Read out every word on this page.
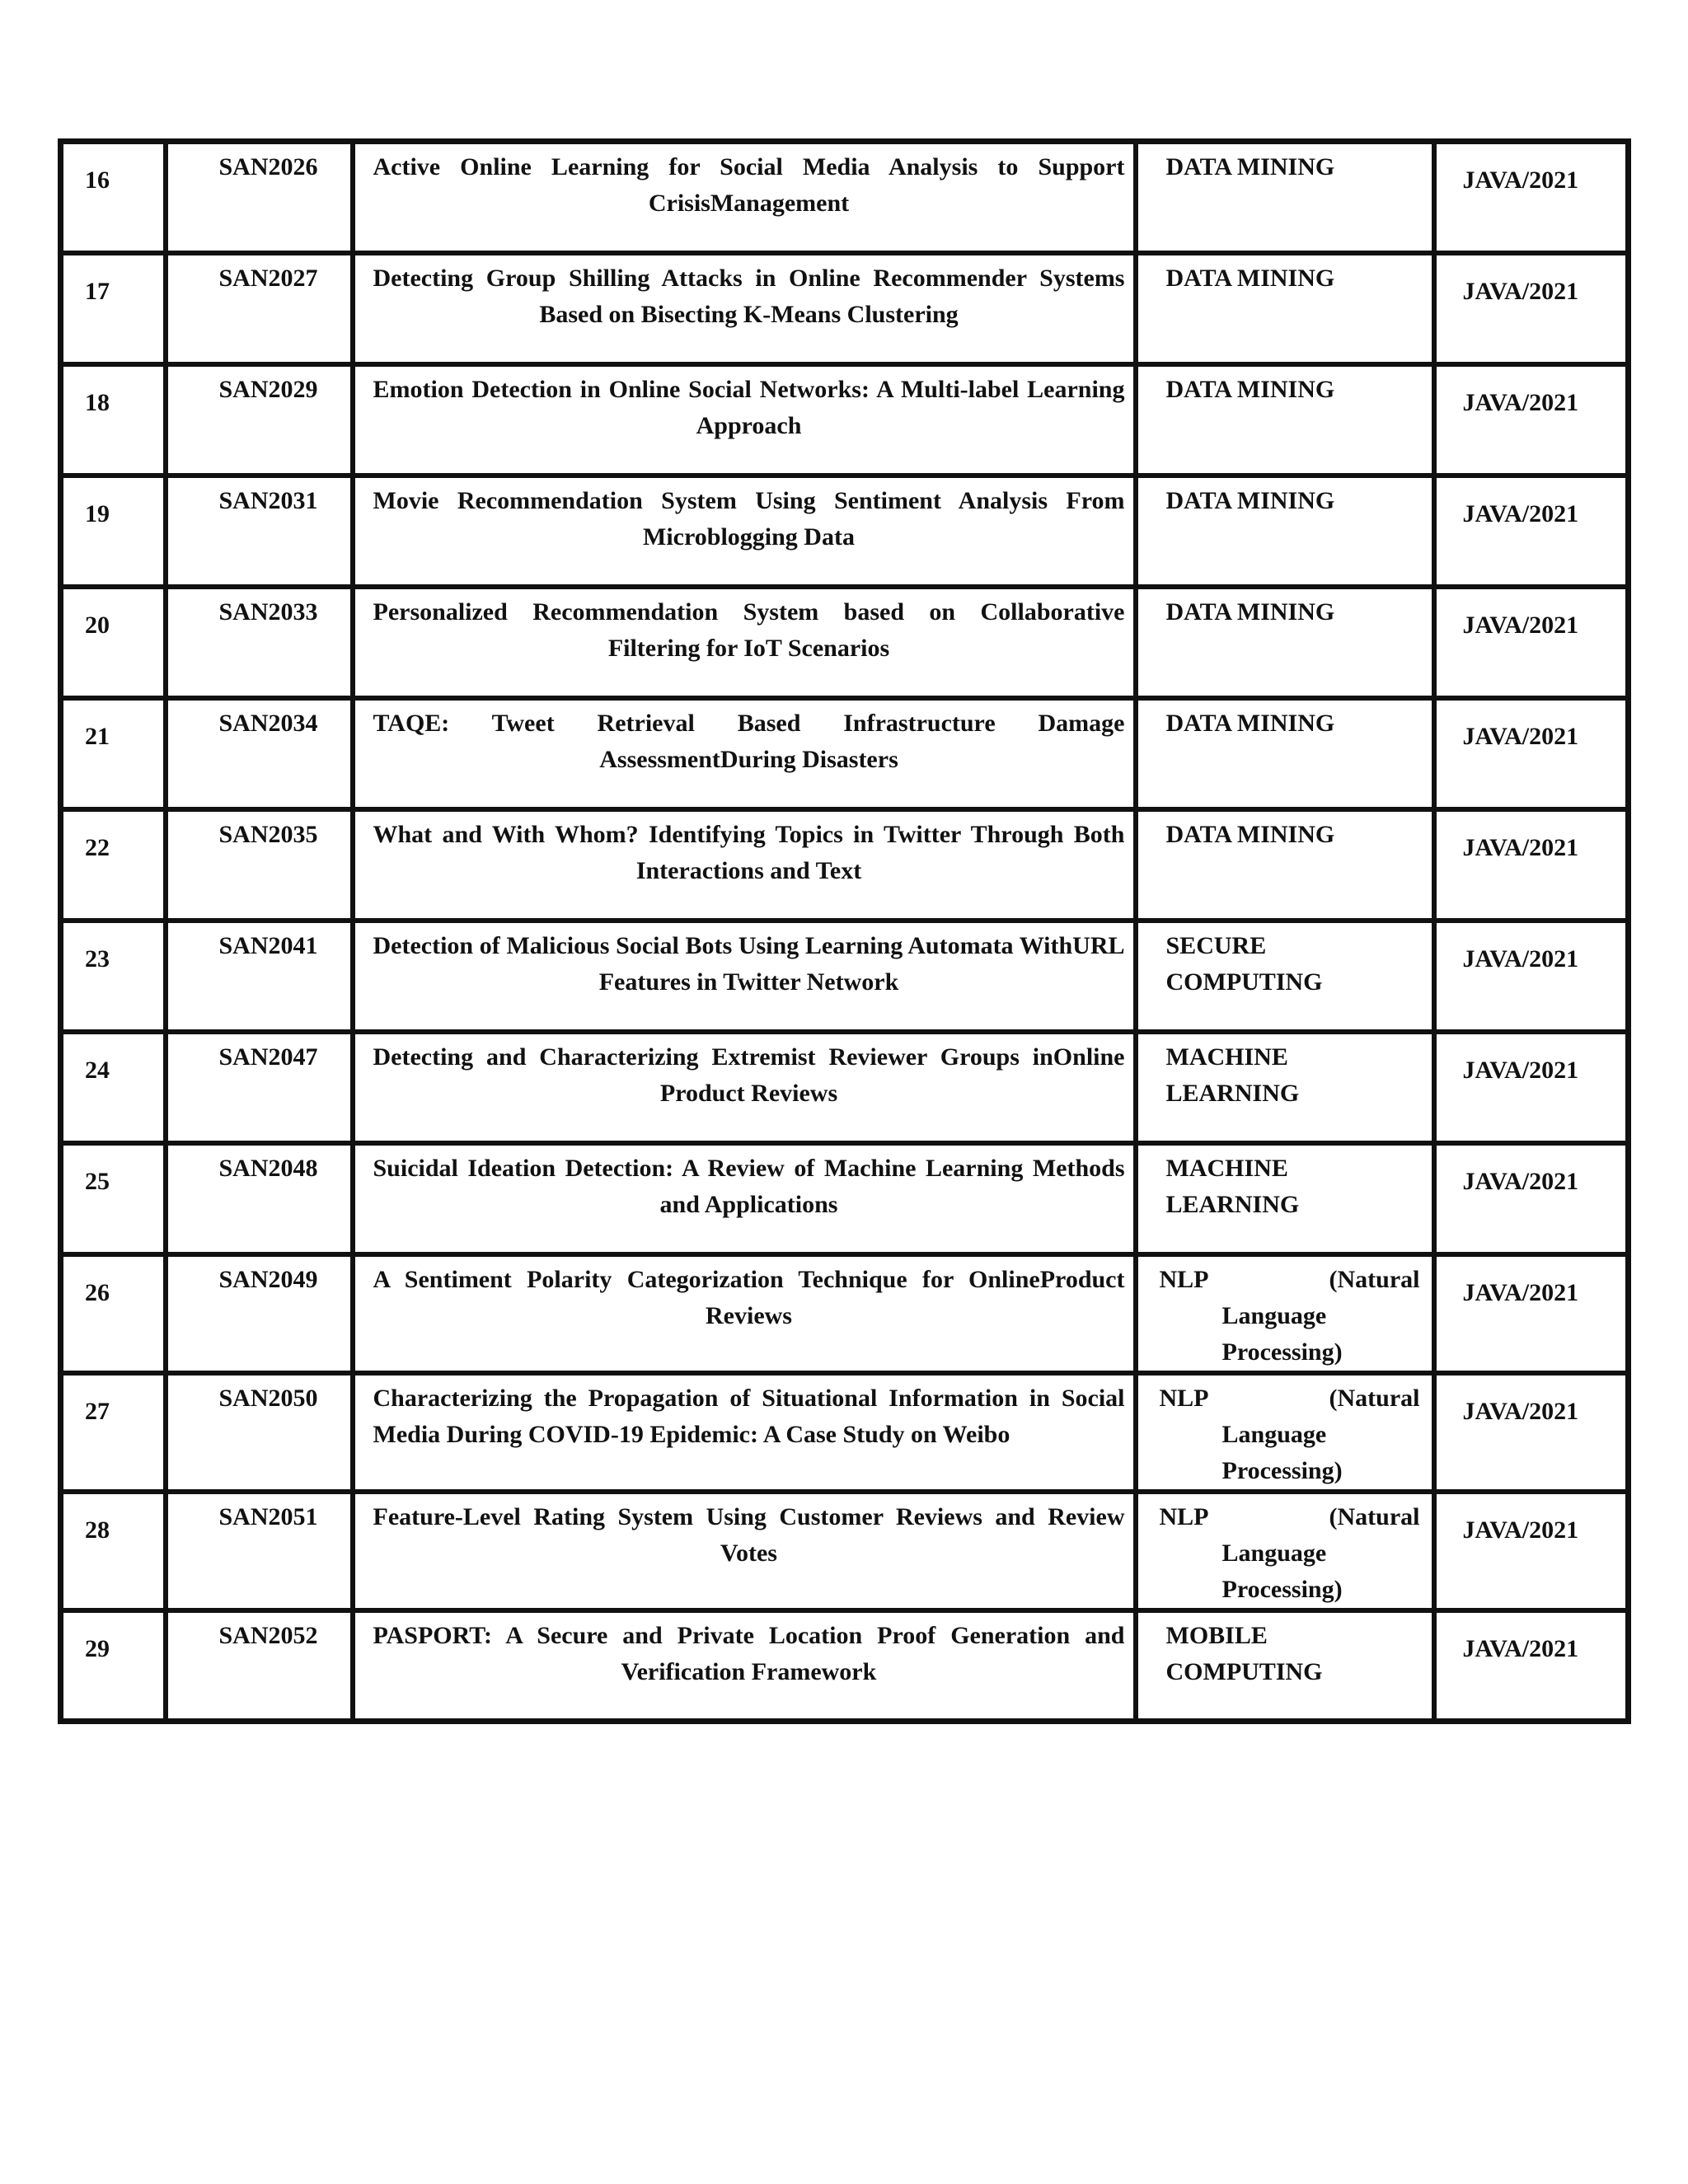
16	SAN2026	Active Online Learning for Social Media Analysis to Support CrisisManagement	DATA MINING	JAVA/2021
17	SAN2027	Detecting Group Shilling Attacks in Online Recommender Systems Based on Bisecting K-Means Clustering	DATA MINING	JAVA/2021
18	SAN2029	Emotion Detection in Online Social Networks: A Multi-label Learning Approach	DATA MINING	JAVA/2021
19	SAN2031	Movie Recommendation System Using Sentiment Analysis From Microblogging Data	DATA MINING	JAVA/2021
20	SAN2033	Personalized Recommendation System based on Collaborative Filtering for IoT Scenarios	DATA MINING	JAVA/2021
21	SAN2034	TAQE: Tweet Retrieval Based Infrastructure Damage AssessmentDuring Disasters	DATA MINING	JAVA/2021
22	SAN2035	What and With Whom? Identifying Topics in Twitter Through Both Interactions and Text	DATA MINING	JAVA/2021
23	SAN2041	Detection of Malicious Social Bots Using Learning Automata WithURL Features in Twitter Network	SECURE COMPUTING	JAVA/2021
24	SAN2047	Detecting and Characterizing Extremist Reviewer Groups inOnline Product Reviews	MACHINE LEARNING	JAVA/2021
25	SAN2048	Suicidal Ideation Detection: A Review of Machine Learning Methods and Applications	MACHINE LEARNING	JAVA/2021
26	SAN2049	A Sentiment Polarity Categorization Technique for OnlineProduct Reviews	NLP (Natural
Language
Processing)	JAVA/2021
27	SAN2050	Characterizing the Propagation of Situational Information in Social Media During COVID-19 Epidemic: A Case Study on Weibo	NLP (Natural
Language
Processing)	JAVA/2021
28	SAN2051	Feature-Level Rating System Using Customer Reviews and Review Votes	NLP (Natural
Language
Processing)	JAVA/2021
29	SAN2052	PASPORT: A Secure and Private Location Proof Generation and Verification Framework	MOBILE COMPUTING	JAVA/2021
